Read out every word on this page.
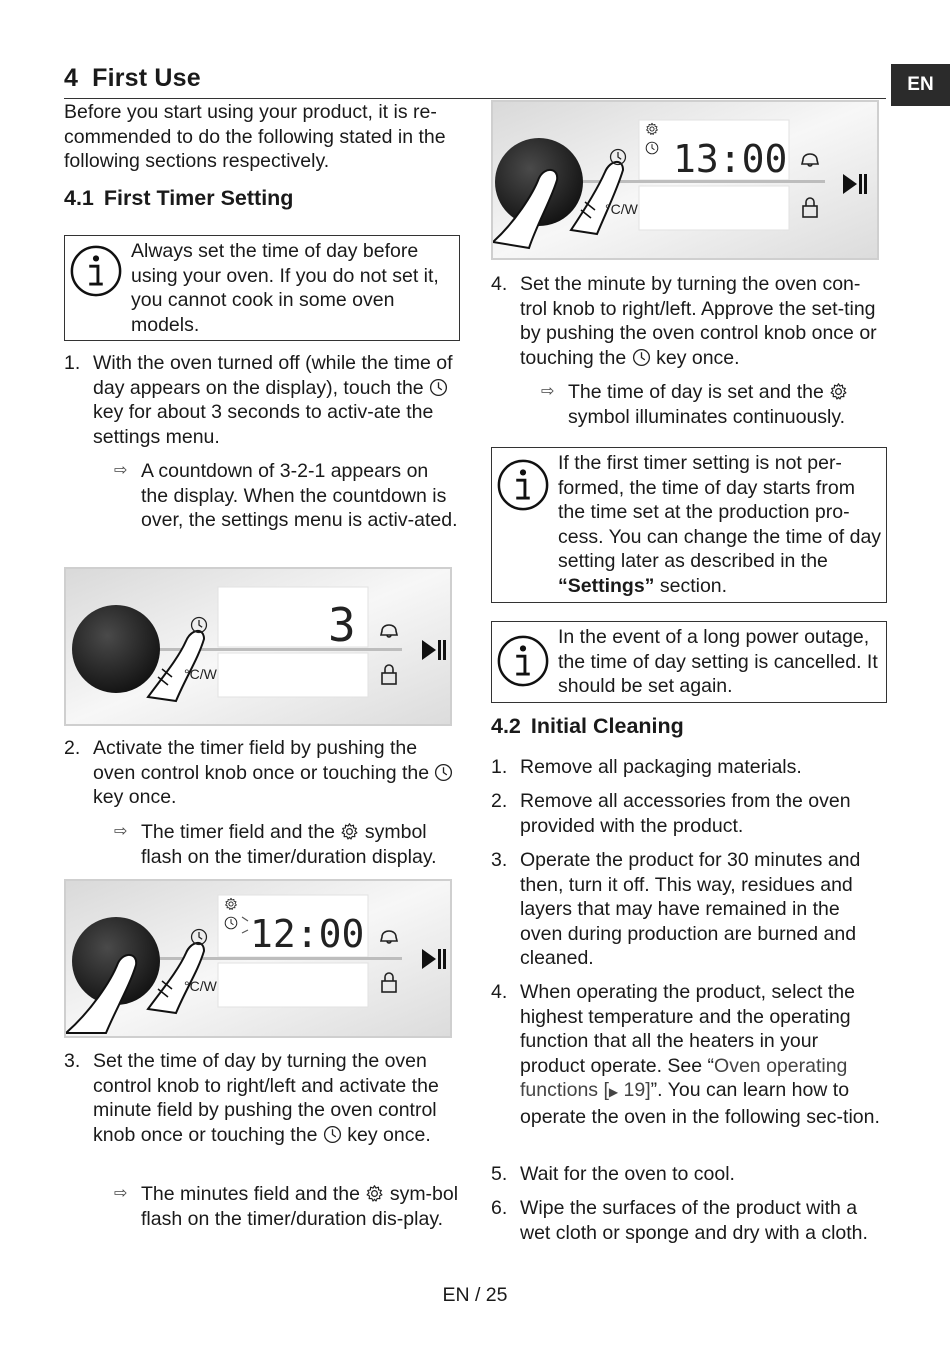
4 First Use	EN

Before you start using your product, it is re-commended to do the following stated in the following sections respectively.

4.1 First Timer Setting
Always set the time of day before using your oven. If you do not set it, you cannot cook in some oven models.
1. With the oven turned off (while the time of day appears on the display), touch the  key for about 3 seconds to activ-ate the settings menu.
⇨ A countdown of 3-2-1 appears on the display. When the countdown is over, the settings menu is activ-ated.
3
°C/W
2. Activate the timer field by pushing the oven control knob once or touching the  key once.
⇨ The timer field and the symbol flash on the timer/duration display.
12:00
°C/W
3. Set the time of day by turning the oven control knob to right/left and activate the minute field by pushing the oven control knob once or touching the key once.
⇨ The minutes field and the sym-bol flash on the timer/duration dis-play.
13:00
°C/W
4. Set the minute by turning the oven con-trol knob to right/left. Approve the set-ting by pushing the oven control knob once or touching the key once.
⇨ The time of day is set and the  symbol illuminates continuously.
If the first timer setting is not per-formed, the time of day starts from the time set at the production pro-cess. You can change the time of day setting later as described in the “Settings” section.
In the event of a long power outage, the time of day setting is cancelled. It should be set again.
4.2 Initial Cleaning
1. Remove all packaging materials.
2. Remove all accessories from the oven provided with the product.
3. Operate the product for 30 minutes and then, turn it off. This way, residues and layers that may have remained in the oven during production are burned and cleaned.
4. When operating the product, select the highest temperature and the operating function that all the heaters in your product operate. See “Oven operating functions [▶ 19]”. You can learn how to operate the oven in the following sec-tion.
5. Wait for the oven to cool.
6. Wipe the surfaces of the product with a wet cloth or sponge and dry with a cloth.
EN / 25
